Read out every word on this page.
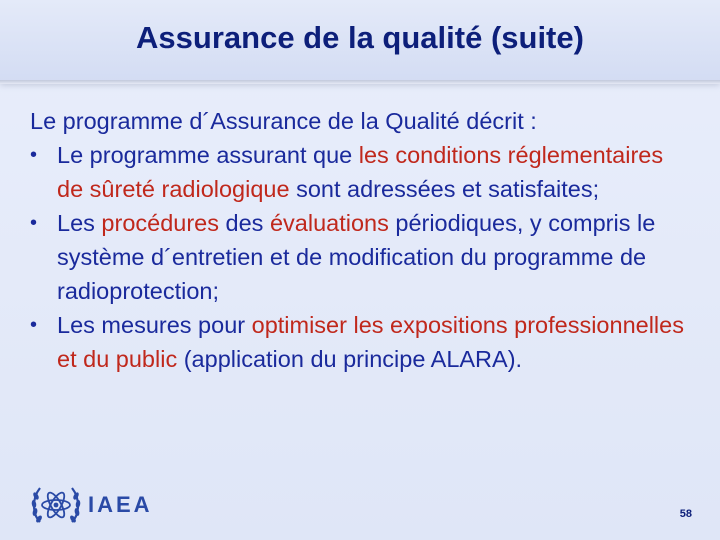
Assurance de la qualité (suite)

Le programme d´Assurance de la Qualité décrit :

• Le programme assurant que les conditions réglementaires de sûreté radiologique sont adressées et satisfaites;
• Les procédures des évaluations périodiques, y compris le système d´entretien et de modification du programme de radioprotection;
• Les mesures pour optimiser les expositions professionnelles et du public (application du principe ALARA).
IAEA	58
